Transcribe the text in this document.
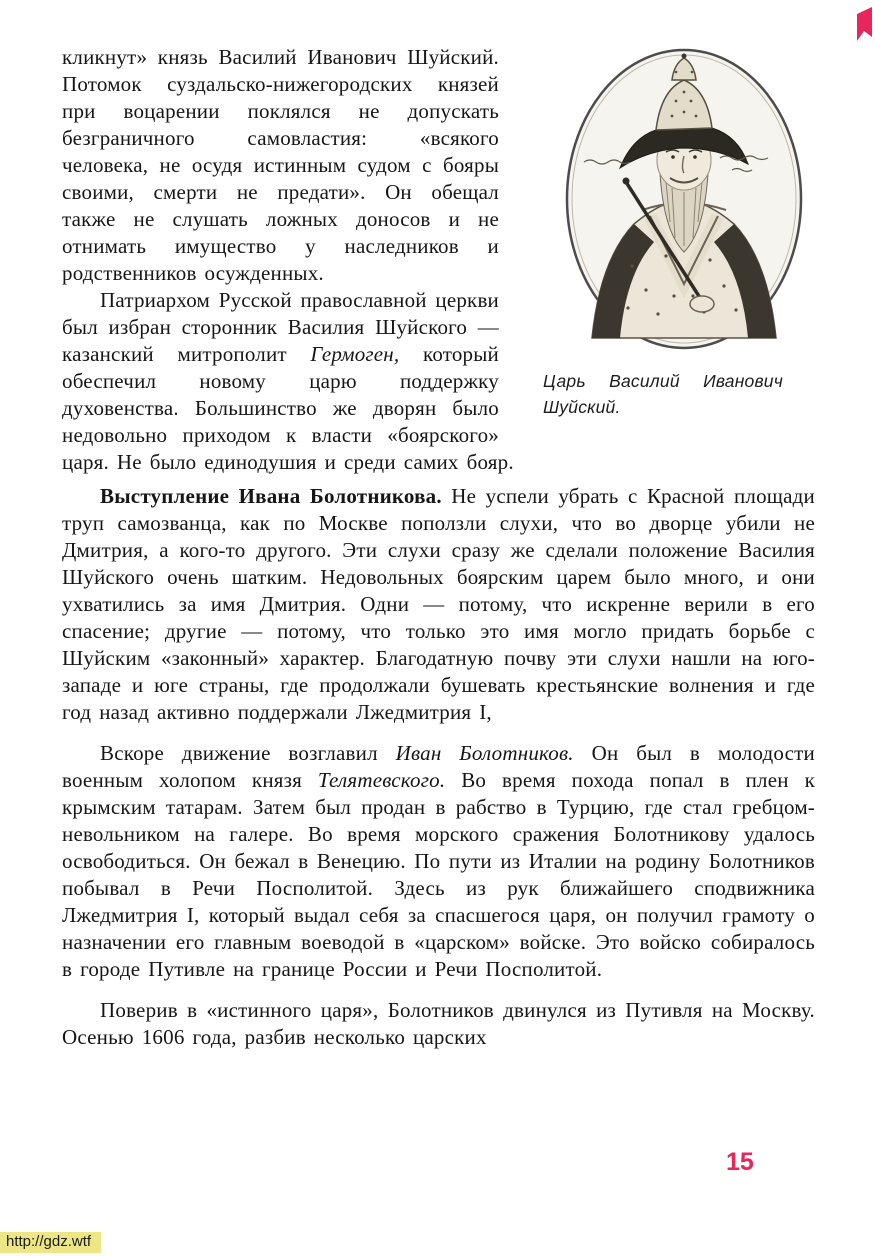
Царь Василий Иванович Шуйский.

кликнут» князь Василий Иванович Шуйский. Потомок суздальско-нижегородских князей при воцарении поклялся не допускать безграничного самовластия: «всякого человека, не осудя истинным судом с бояры своими, смерти не предати». Он обещал также не слушать ложных доносов и не отнимать имущество у наследников и родственников осужденных.

Патриархом Русской православной церкви был избран сторонник Василия Шуйского — казанский митрополит Гермоген, который обеспечил новому царю поддержку духовенства. Большинство же дворян было недовольно приходом к власти «боярского» царя. Не было единодушия и среди самих бояр.

Выступление Ивана Болотникова. Не успели убрать с Красной площади труп самозванца, как по Москве поползли слухи, что во дворце убили не Дмитрия, а кого-то другого. Эти слухи сразу же сделали положение Василия Шуйского очень шатким. Недовольных боярским царем было много, и они ухватились за имя Дмитрия. Одни — потому, что искренне верили в его спасение; другие — потому, что только это имя могло придать борьбе с Шуйским «законный» характер. Благодатную почву эти слухи нашли на юго-западе и юге страны, где продолжали бушевать крестьянские волнения и где год назад активно поддержали Лжедмитрия I,

Вскоре движение возглавил Иван Болотников. Он был в молодости военным холопом князя Телятевского. Во время похода попал в плен к крымским татарам. Затем был продан в рабство в Турцию, где стал гребцом-невольником на галере. Во время морского сражения Болотникову удалось освободиться. Он бежал в Венецию. По пути из Италии на родину Болотников побывал в Речи Посполитой. Здесь из рук ближайшего сподвижника Лжедмитрия I, который выдал себя за спасшегося царя, он получил грамоту о назначении его главным воеводой в «царском» войске. Это войско собиралось в городе Путивле на границе России и Речи Посполитой.

Поверив в «истинного царя», Болотников двинулся из Путивля на Москву. Осенью 1606 года, разбив несколько царских

15
http://gdz.wtf
